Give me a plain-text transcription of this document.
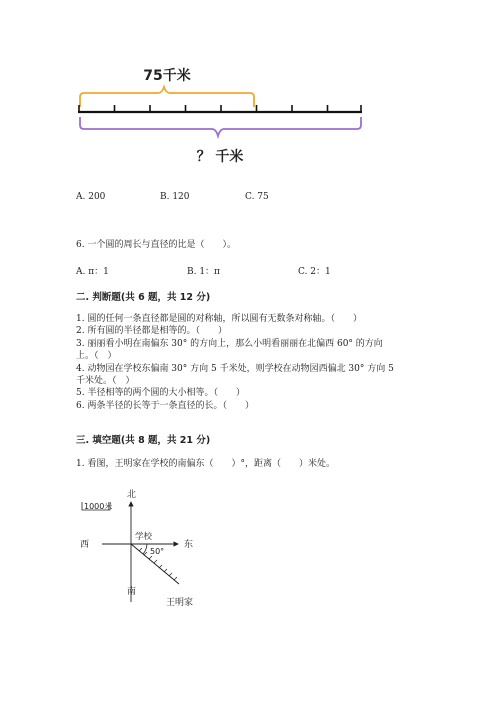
75千米
？ 千米
A. 200	B. 120	C. 75
6. 一个圆的周长与直径的比是（　　）。
A. π：1	B. 1：π	C. 2：1
二. 判断题(共 6 题，共 12 分)
1. 圆的任何一条直径都是圆的对称轴，所以圆有无数条对称轴。（　　）
2. 所有圆的半径都是相等的。（　　）
3. 丽丽看小明在南偏东 30° 的方向上，那么小明看丽丽在北偏西 60° 的方向
上。（　）
4. 动物园在学校东偏南 30° 方向 5 千米处，则学校在动物园西偏北 30° 方向 5
千米处。（　）
5. 半径相等的两个圆的大小相等。（　　）
6. 两条半径的长等于一条直径的长。（　　）
三. 填空题(共 8 题，共 21 分)
1. 看图，王明家在学校的南偏东（　　）°，距离（　　）米处。
1000米
北
南
东
西
学校
50°
王明家
